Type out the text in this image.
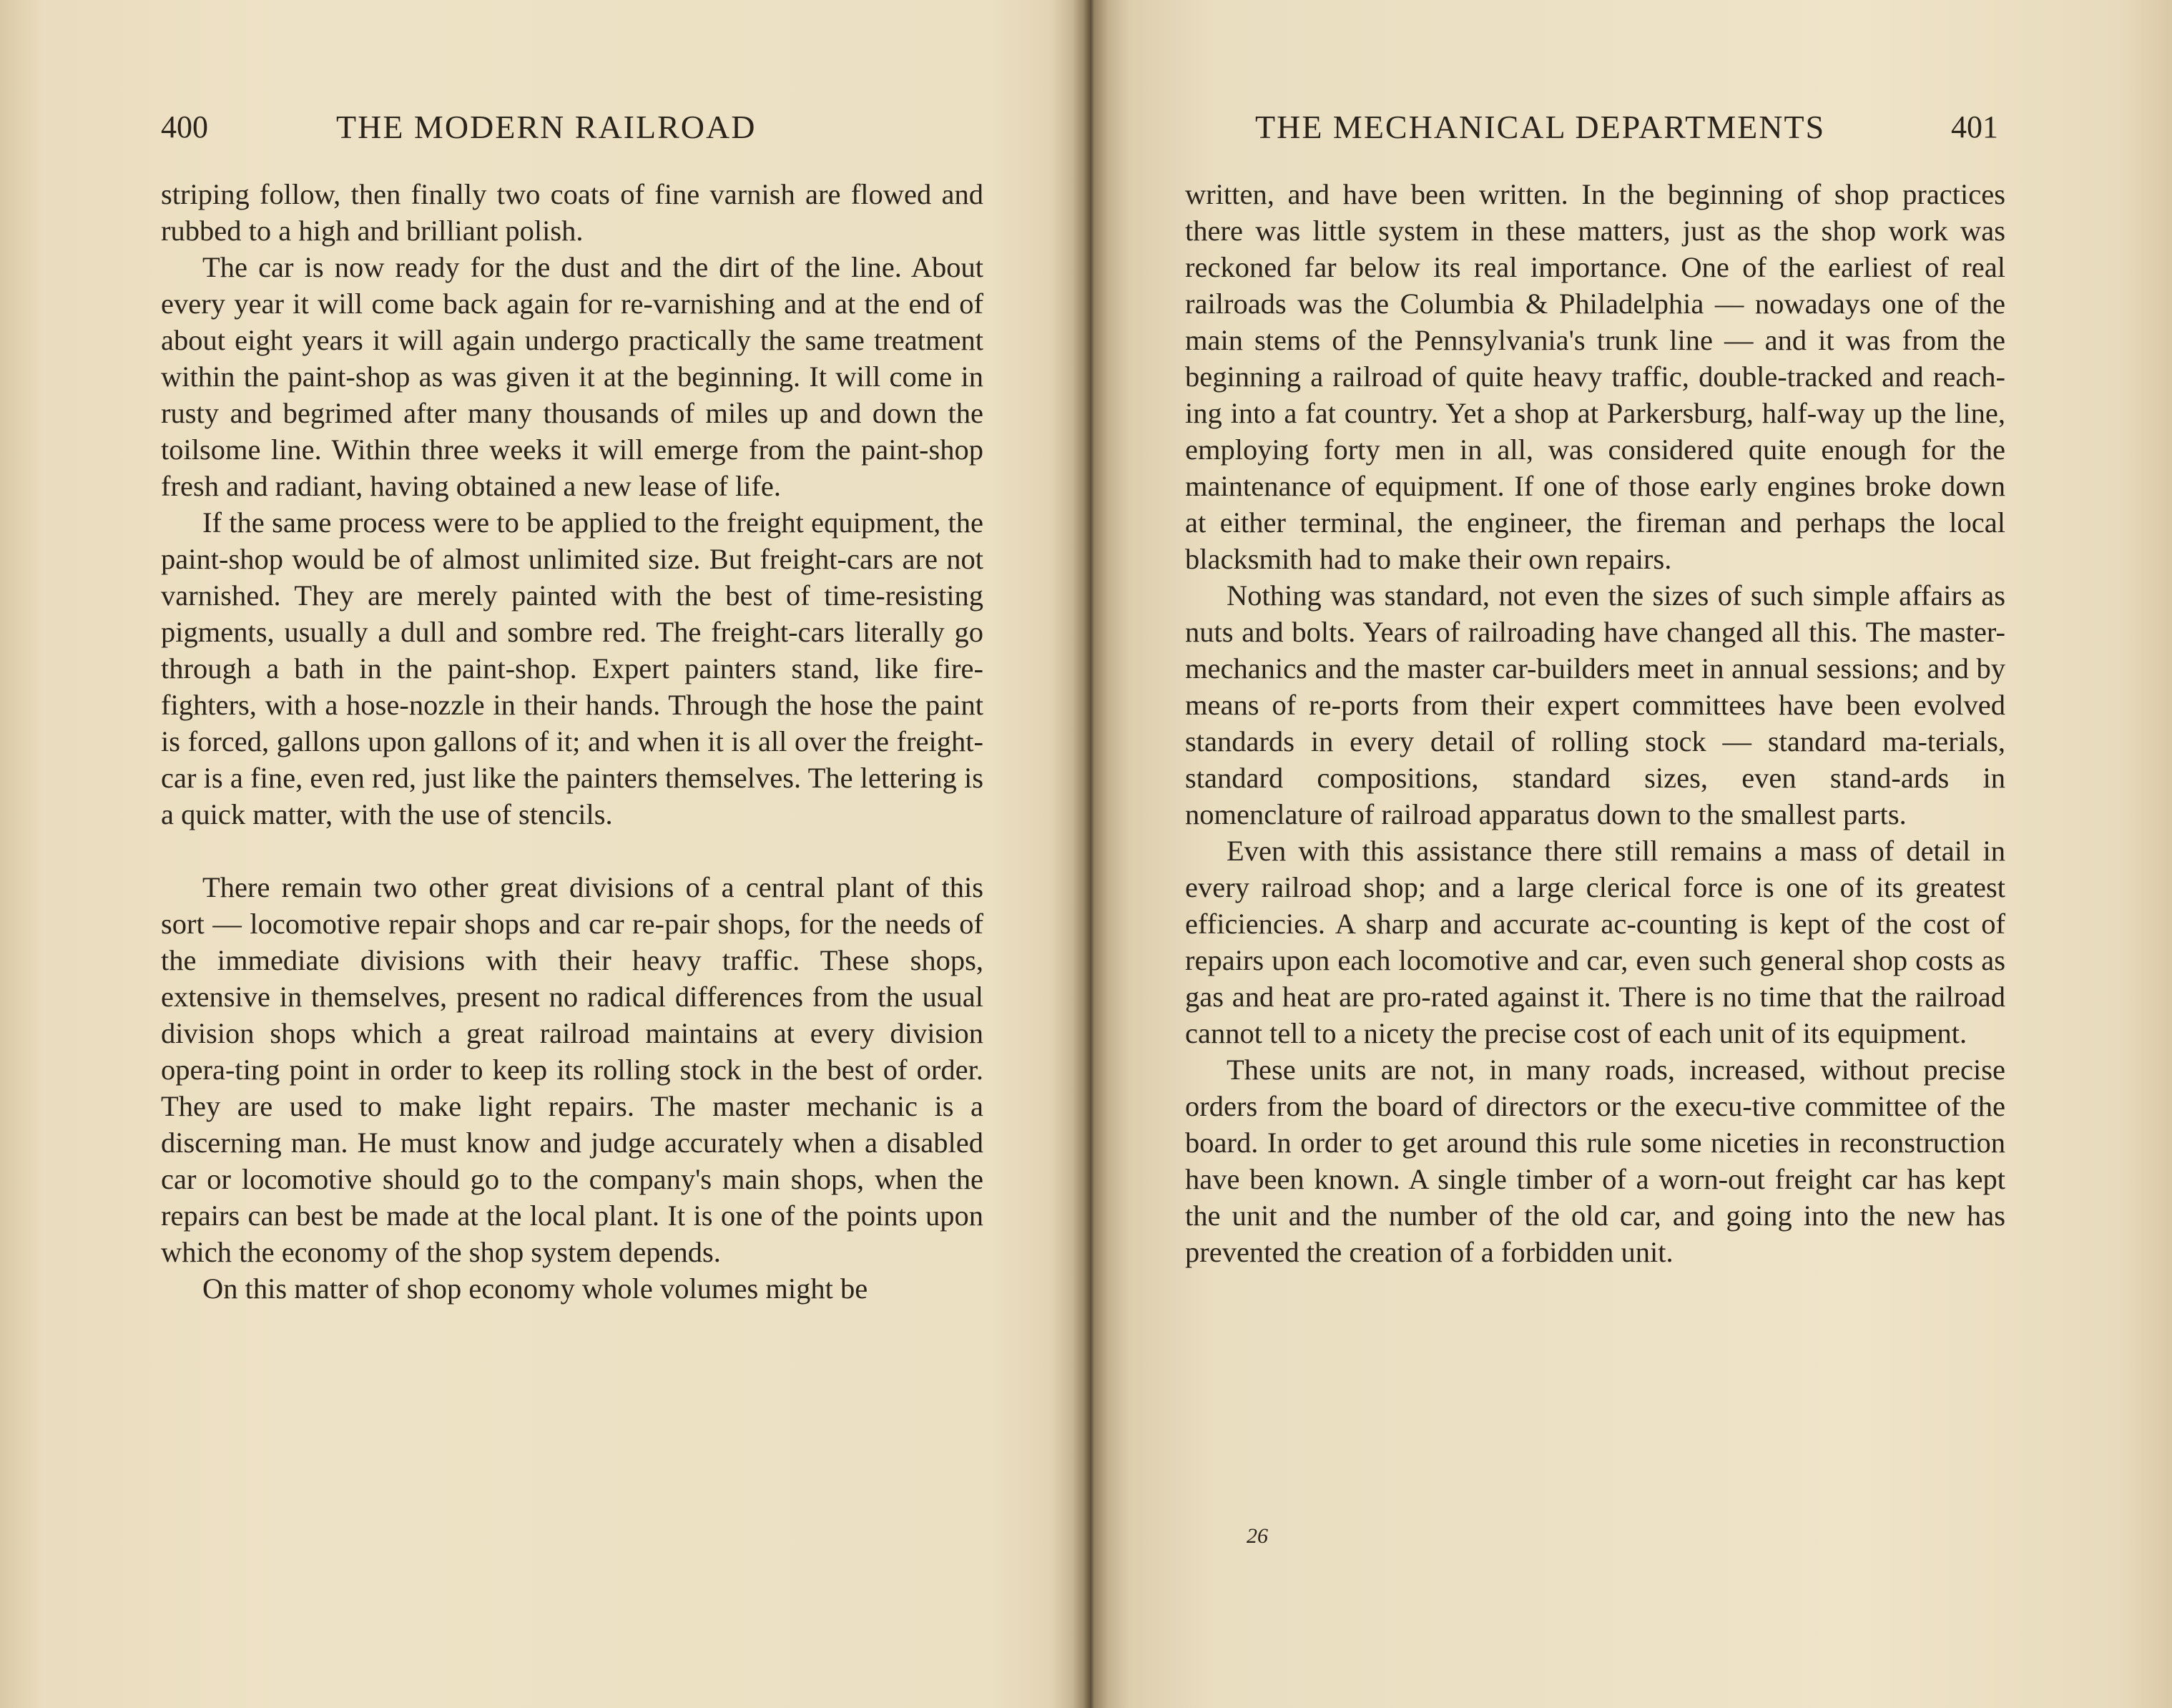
400	THE MODERN RAILROAD

striping follow, then finally two coats of fine varnish are flowed and rubbed to a high and brilliant polish.

The car is now ready for the dust and the dirt of the line. About every year it will come back again for re-varnishing and at the end of about eight years it will again undergo practically the same treatment within the paint-shop as was given it at the beginning. It will come in rusty and begrimed after many thousands of miles up and down the toilsome line. Within three weeks it will emerge from the paint-shop fresh and radiant, having obtained a new lease of life.

If the same process were to be applied to the freight equipment, the paint-shop would be of almost unlimited size. But freight-cars are not varnished. They are merely painted with the best of time-resisting pigments, usually a dull and sombre red. The freight-cars literally go through a bath in the paint-shop. Expert painters stand, like fire-fighters, with a hose-nozzle in their hands. Through the hose the paint is forced, gallons upon gallons of it; and when it is all over the freight-car is a fine, even red, just like the painters themselves. The lettering is a quick matter, with the use of stencils.

There remain two other great divisions of a central plant of this sort — locomotive repair shops and car re-pair shops, for the needs of the immediate divisions with their heavy traffic. These shops, extensive in themselves, present no radical differences from the usual division shops which a great railroad maintains at every division opera-ting point in order to keep its rolling stock in the best of order. They are used to make light repairs. The master mechanic is a discerning man. He must know and judge accurately when a disabled car or locomotive should go to the company's main shops, when the repairs can best be made at the local plant. It is one of the points upon which the economy of the shop system depends.

On this matter of shop economy whole volumes might be

THE MECHANICAL DEPARTMENTS	401

written, and have been written. In the beginning of shop practices there was little system in these matters, just as the shop work was reckoned far below its real importance. One of the earliest of real railroads was the Columbia & Philadelphia — nowadays one of the main stems of the Pennsylvania's trunk line — and it was from the beginning a railroad of quite heavy traffic, double-tracked and reach-ing into a fat country. Yet a shop at Parkersburg, half-way up the line, employing forty men in all, was considered quite enough for the maintenance of equipment. If one of those early engines broke down at either terminal, the engineer, the fireman and perhaps the local blacksmith had to make their own repairs.

Nothing was standard, not even the sizes of such simple affairs as nuts and bolts. Years of railroading have changed all this. The master-mechanics and the master car-builders meet in annual sessions; and by means of re-ports from their expert committees have been evolved standards in every detail of rolling stock — standard ma-terials, standard compositions, standard sizes, even stand-ards in nomenclature of railroad apparatus down to the smallest parts.

Even with this assistance there still remains a mass of detail in every railroad shop; and a large clerical force is one of its greatest efficiencies. A sharp and accurate ac-counting is kept of the cost of repairs upon each locomotive and car, even such general shop costs as gas and heat are pro-rated against it. There is no time that the railroad cannot tell to a nicety the precise cost of each unit of its equipment.

These units are not, in many roads, increased, without precise orders from the board of directors or the execu-tive committee of the board. In order to get around this rule some niceties in reconstruction have been known. A single timber of a worn-out freight car has kept the unit and the number of the old car, and going into the new has prevented the creation of a forbidden unit.

26
